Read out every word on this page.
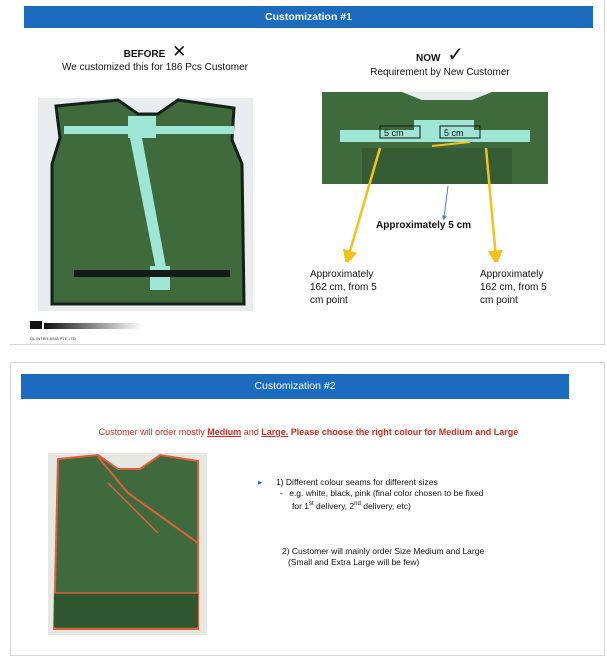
Customization #1
BEFORE ✕
We customized this for 186 Pcs Customer
NOW ✓
Requirement by New Customer
5 cm	5 cm
Approximately 5 cm
Approximately
162 cm, from 5
cm point
Approximately
162 cm, from 5
cm point
GL INTER-ASIA PTE LTD
Customization #2
Customer will order mostly Medium and Large. Please choose the right colour for Medium and Large
▸ 1) Different colour seams for different sizes
- e.g. white, black, pink (final color chosen to be fixed
for 1st delivery, 2nd delivery, etc)
2) Customer will mainly order Size Medium and Large
(Small and Extra Large will be few)
